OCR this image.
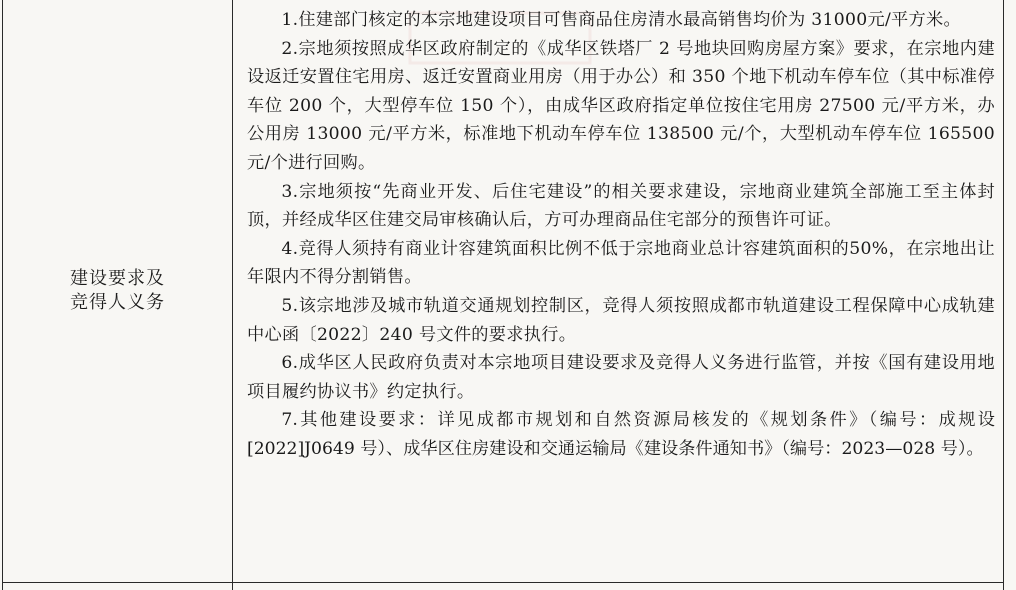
建设要求及
竞得人义务

1.住建部门核定的本宗地建设项目可售商品住房清水最高销售均价为 31000元/平方米。

2.宗地须按照成华区政府制定的《成华区铁塔厂 2 号地块回购房屋方案》要求，在宗地内建设返迁安置住宅用房、返迁安置商业用房（用于办公）和 350 个地下机动车停车位（其中标准停车位 200 个，大型停车位 150 个），由成华区政府指定单位按住宅用房 27500 元/平方米，办公用房 13000 元/平方米，标准地下机动车停车位 138500 元/个，大型机动车停车位 165500 元/个进行回购。

3.宗地须按“先商业开发、后住宅建设”的相关要求建设，宗地商业建筑全部施工至主体封顶，并经成华区住建交局审核确认后，方可办理商品住宅部分的预售许可证。

4.竞得人须持有商业计容建筑面积比例不低于宗地商业总计容建筑面积的50%，在宗地出让年限内不得分割销售。

5.该宗地涉及城市轨道交通规划控制区，竞得人须按照成都市轨道建设工程保障中心成轨建中心函〔2022〕240 号文件的要求执行。

6.成华区人民政府负责对本宗地项目建设要求及竞得人义务进行监管，并按《国有建设用地项目履约协议书》约定执行。

7.其他建设要求：详见成都市规划和自然资源局核发的《规划条件》（编号：成规设[2022]J0649 号）、成华区住房建设和交通运输局《建设条件通知书》（编号：2023—028 号）。
